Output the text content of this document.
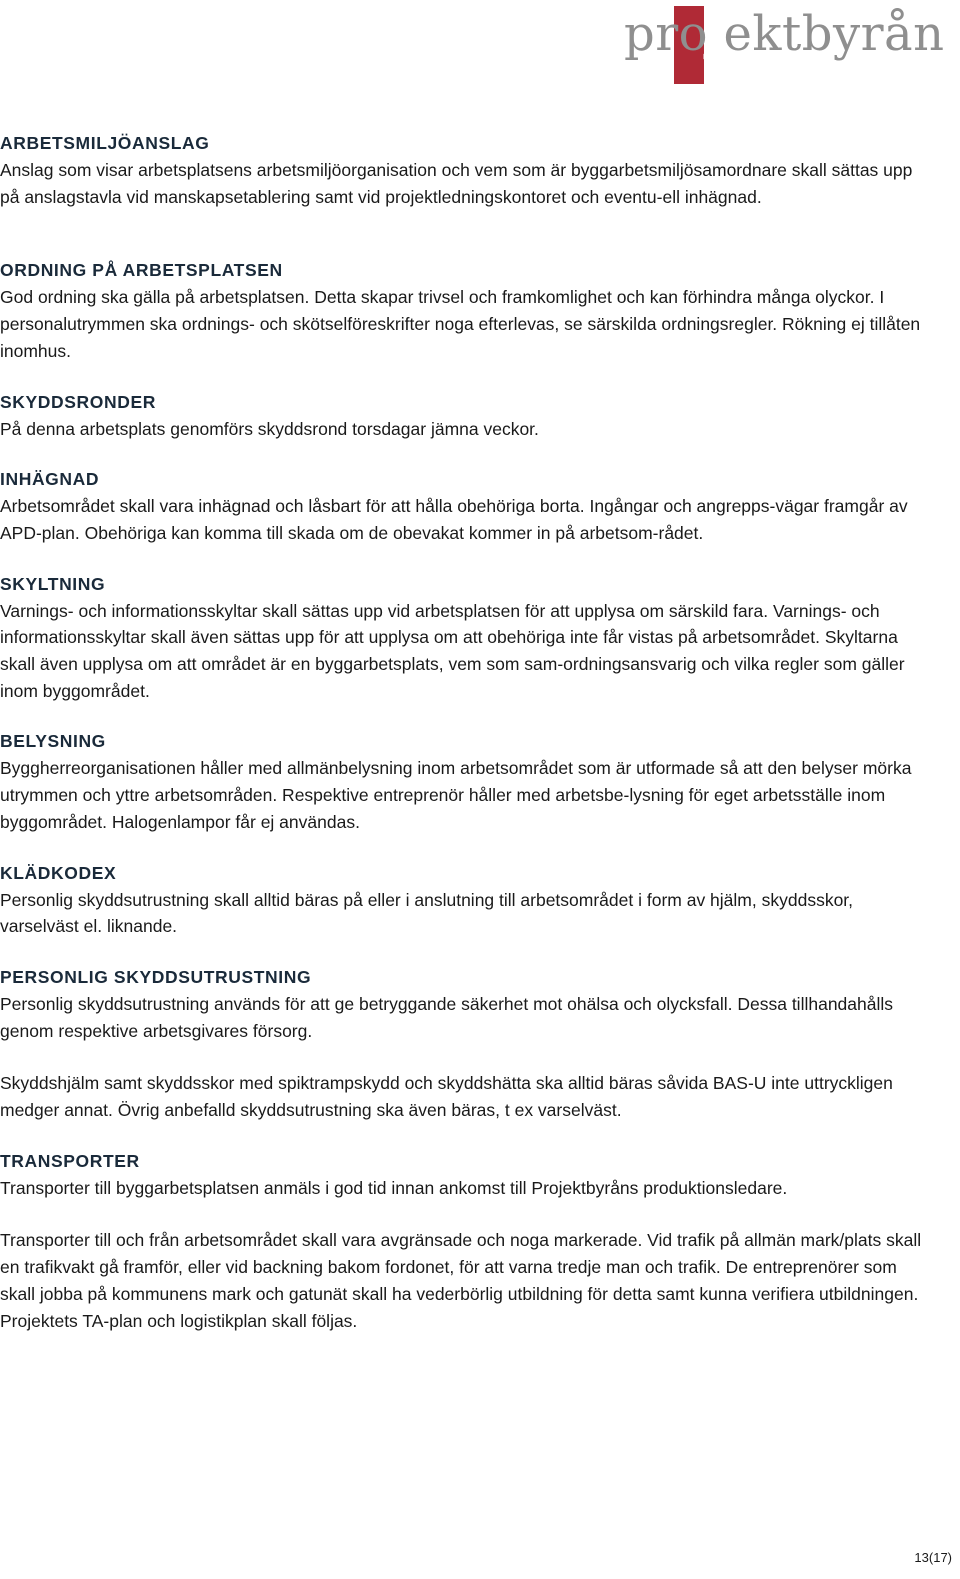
projektbyrån

ARBETSMILJÖANSLAG

Anslag som visar arbetsplatsens arbetsmiljöorganisation och vem som är byggarbetsmiljösamordnare skall sättas upp på anslagstavla vid manskapsetablering samt vid projektledningskontoret och eventu-ell inhägnad.

ORDNING PÅ ARBETSPLATSEN

God ordning ska gälla på arbetsplatsen. Detta skapar trivsel och framkomlighet och kan förhindra många olyckor. I personalutrymmen ska ordnings- och skötselföreskrifter noga efterlevas, se särskilda ordningsregler. Rökning ej tillåten inomhus.

SKYDDSRONDER

På denna arbetsplats genomförs skyddsrond torsdagar jämna veckor.

INHÄGNAD

Arbetsområdet skall vara inhägnad och låsbart för att hålla obehöriga borta. Ingångar och angrepps-vägar framgår av APD-plan. Obehöriga kan komma till skada om de obevakat kommer in på arbetsom-rådet.

SKYLTNING

Varnings- och informationsskyltar skall sättas upp vid arbetsplatsen för att upplysa om särskild fara. Varnings- och informationsskyltar skall även sättas upp för att upplysa om att obehöriga inte får vistas på arbetsområdet. Skyltarna skall även upplysa om att området är en byggarbetsplats, vem som sam-ordningsansvarig och vilka regler som gäller inom byggområdet.

BELYSNING

Byggherreorganisationen håller med allmänbelysning inom arbetsområdet som är utformade så att den belyser mörka utrymmen och yttre arbetsområden. Respektive entreprenör håller med arbetsbe-lysning för eget arbetsställe inom byggområdet. Halogenlampor får ej användas.

KLÄDKODEX

Personlig skyddsutrustning skall alltid bäras på eller i anslutning till arbetsområdet i form av hjälm, skyddsskor, varselväst el. liknande.

PERSONLIG SKYDDSUTRUSTNING

Personlig skyddsutrustning används för att ge betryggande säkerhet mot ohälsa och olycksfall. Dessa tillhandahålls genom respektive arbetsgivares försorg.

Skyddshjälm samt skyddsskor med spiktrampskydd och skyddshätta ska alltid bäras såvida BAS-U inte uttryckligen medger annat. Övrig anbefalld skyddsutrustning ska även bäras, t ex varselväst.

TRANSPORTER

Transporter till byggarbetsplatsen anmäls i god tid innan ankomst till Projektbyråns produktionsledare.

Transporter till och från arbetsområdet skall vara avgränsade och noga markerade. Vid trafik på allmän mark/plats skall en trafikvakt gå framför, eller vid backning bakom fordonet, för att varna tredje man och trafik. De entreprenörer som skall jobba på kommunens mark och gatunät skall ha vederbörlig utbildning för detta samt kunna verifiera utbildningen. Projektets TA-plan och logistikplan skall följas.

13(17)
